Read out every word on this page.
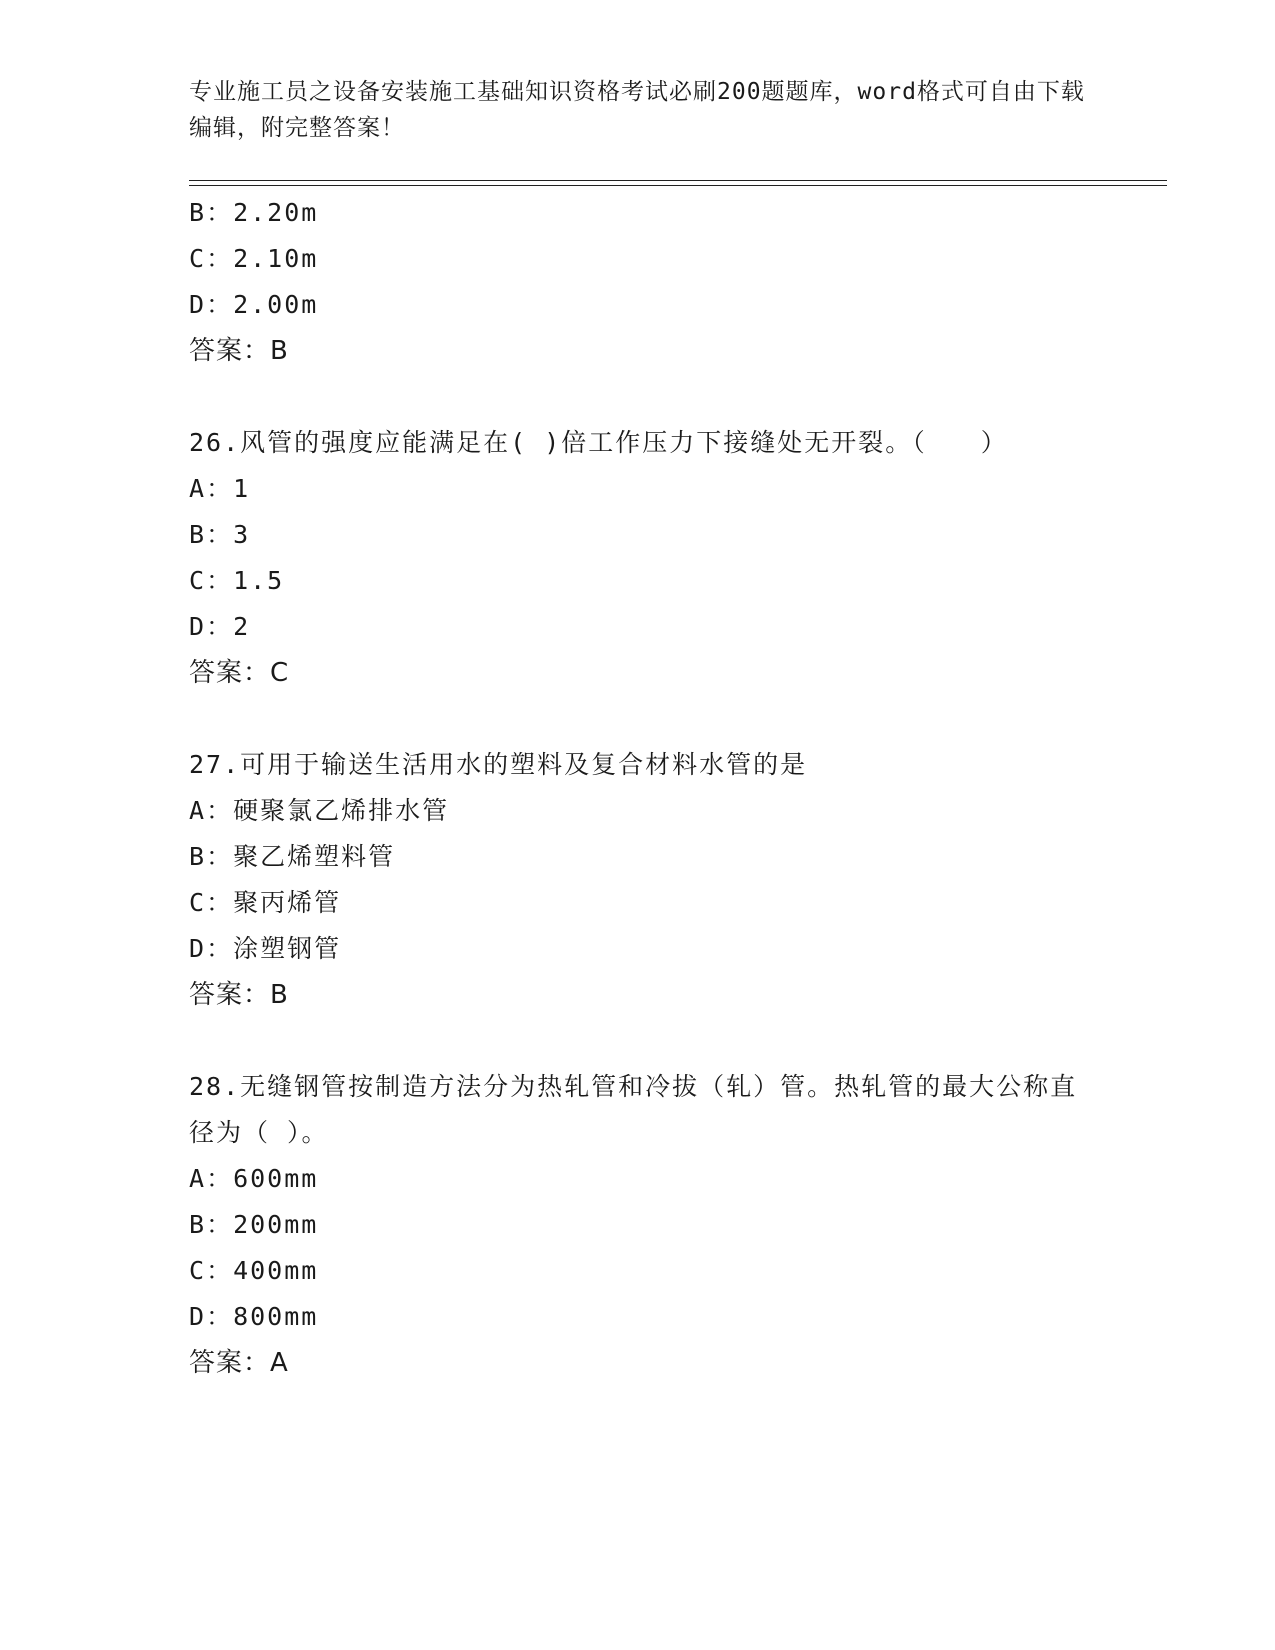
专业施工员之设备安装施工基础知识资格考试必刷200题题库，word格式可自由下载编辑，附完整答案！
B：2.20m
C：2.10m
D：2.00m
答案：B
26.风管的强度应能满足在( )倍工作压力下接缝处无开裂。（　　）
A：1
B：3
C：1.5
D：2
答案：C
27.可用于输送生活用水的塑料及复合材料水管的是
A：硬聚氯乙烯排水管
B：聚乙烯塑料管
C：聚丙烯管
D：涂塑钢管
答案：B
28.无缝钢管按制造方法分为热轧管和冷拔（轧）管。热轧管的最大公称直径为（ ）。
A：600mm
B：200mm
C：400mm
D：800mm
答案：A
